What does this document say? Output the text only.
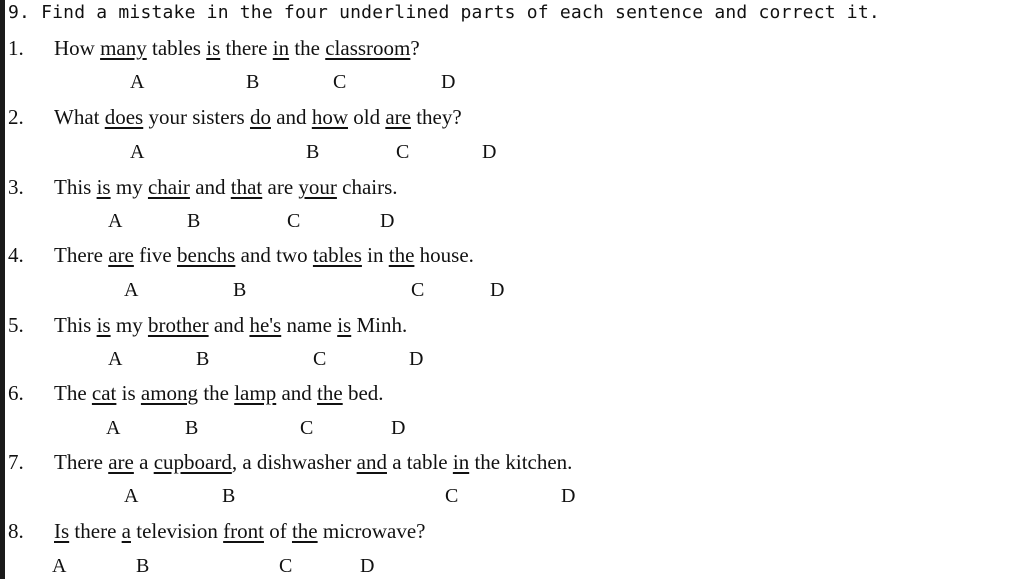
9. Find a mistake in the four underlined parts of each sentence and correct it.
1. How many tables is there in the classroom?
A	B	C	D
2. What does your sisters do and how old are they?
A	B	C	D
3. This is my chair and that are your chairs.
A	B	C	D
4. There are five benchs and two tables in the house.
A	B	C	D
5. This is my brother and he's name is Minh.
A	B	C	D
6. The cat is among the lamp and the bed.
A	B	C	D
7. There are a cupboard, a dishwasher and a table in the kitchen.
A	B	C	D
8. Is there a television front of the microwave?
A	B	C	D
